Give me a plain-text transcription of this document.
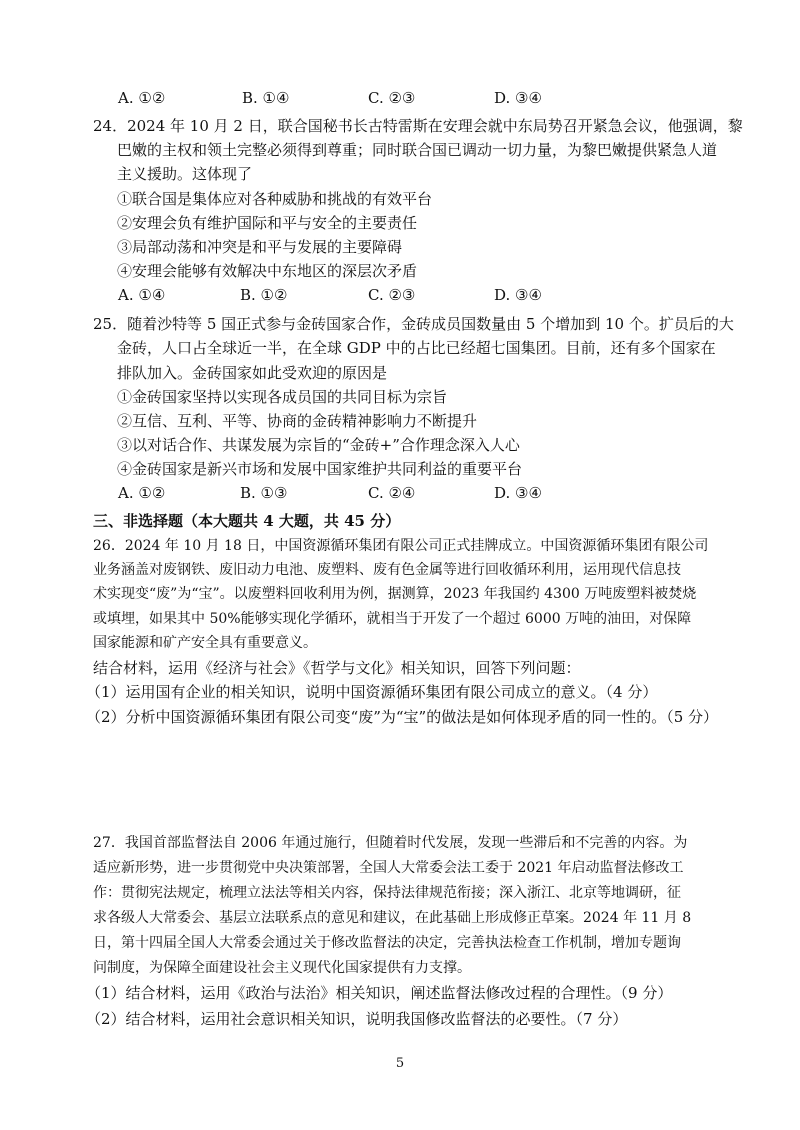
A. ①②	B. ①④	C. ②③	D. ③④
24．2024 年 10 月 2 日，联合国秘书长古特雷斯在安理会就中东局势召开紧急会议，他强调，黎
巴嫩的主权和领土完整必须得到尊重；同时联合国已调动一切力量，为黎巴嫩提供紧急人道
主义援助。这体现了
①联合国是集体应对各种威胁和挑战的有效平台
②安理会负有维护国际和平与安全的主要责任
③局部动荡和冲突是和平与发展的主要障碍
④安理会能够有效解决中东地区的深层次矛盾
A. ①④	B. ①②	C. ②③	D. ③④
25．随着沙特等 5 国正式参与金砖国家合作，金砖成员国数量由 5 个增加到 10 个。扩员后的大
金砖，人口占全球近一半，在全球 GDP 中的占比已经超七国集团。目前，还有多个国家在
排队加入。金砖国家如此受欢迎的原因是
①金砖国家坚持以实现各成员国的共同目标为宗旨
②互信、互利、平等、协商的金砖精神影响力不断提升
③以对话合作、共谋发展为宗旨的“金砖+”合作理念深入人心
④金砖国家是新兴市场和发展中国家维护共同利益的重要平台
A. ①②	B. ①③	C. ②④	D. ③④
三、非选择题（本大题共 4 大题，共 45 分）
26．2024 年 10 月 18 日，中国资源循环集团有限公司正式挂牌成立。中国资源循环集团有限公司
业务涵盖对废钢铁、废旧动力电池、废塑料、废有色金属等进行回收循环利用，运用现代信息技
术实现变“废”为“宝”。以废塑料回收利用为例，据测算，2023 年我国约 4300 万吨废塑料被焚烧
或填埋，如果其中 50%能够实现化学循环，就相当于开发了一个超过 6000 万吨的油田，对保障
国家能源和矿产安全具有重要意义。
结合材料，运用《经济与社会》《哲学与文化》相关知识，回答下列问题：
（1）运用国有企业的相关知识，说明中国资源循环集团有限公司成立的意义。（4 分）
（2）分析中国资源循环集团有限公司变“废”为“宝”的做法是如何体现矛盾的同一性的。（5 分）
27．我国首部监督法自 2006 年通过施行，但随着时代发展，发现一些滞后和不完善的内容。为
适应新形势，进一步贯彻党中央决策部署，全国人大常委会法工委于 2021 年启动监督法修改工
作：贯彻宪法规定，梳理立法法等相关内容，保持法律规范衔接；深入浙江、北京等地调研，征
求各级人大常委会、基层立法联系点的意见和建议，在此基础上形成修正草案。2024 年 11 月 8
日，第十四届全国人大常委会通过关于修改监督法的决定，完善执法检查工作机制，增加专题询
问制度，为保障全面建设社会主义现代化国家提供有力支撑。
（1）结合材料，运用《政治与法治》相关知识，阐述监督法修改过程的合理性。（9 分）
（2）结合材料，运用社会意识相关知识，说明我国修改监督法的必要性。（7 分）
5
